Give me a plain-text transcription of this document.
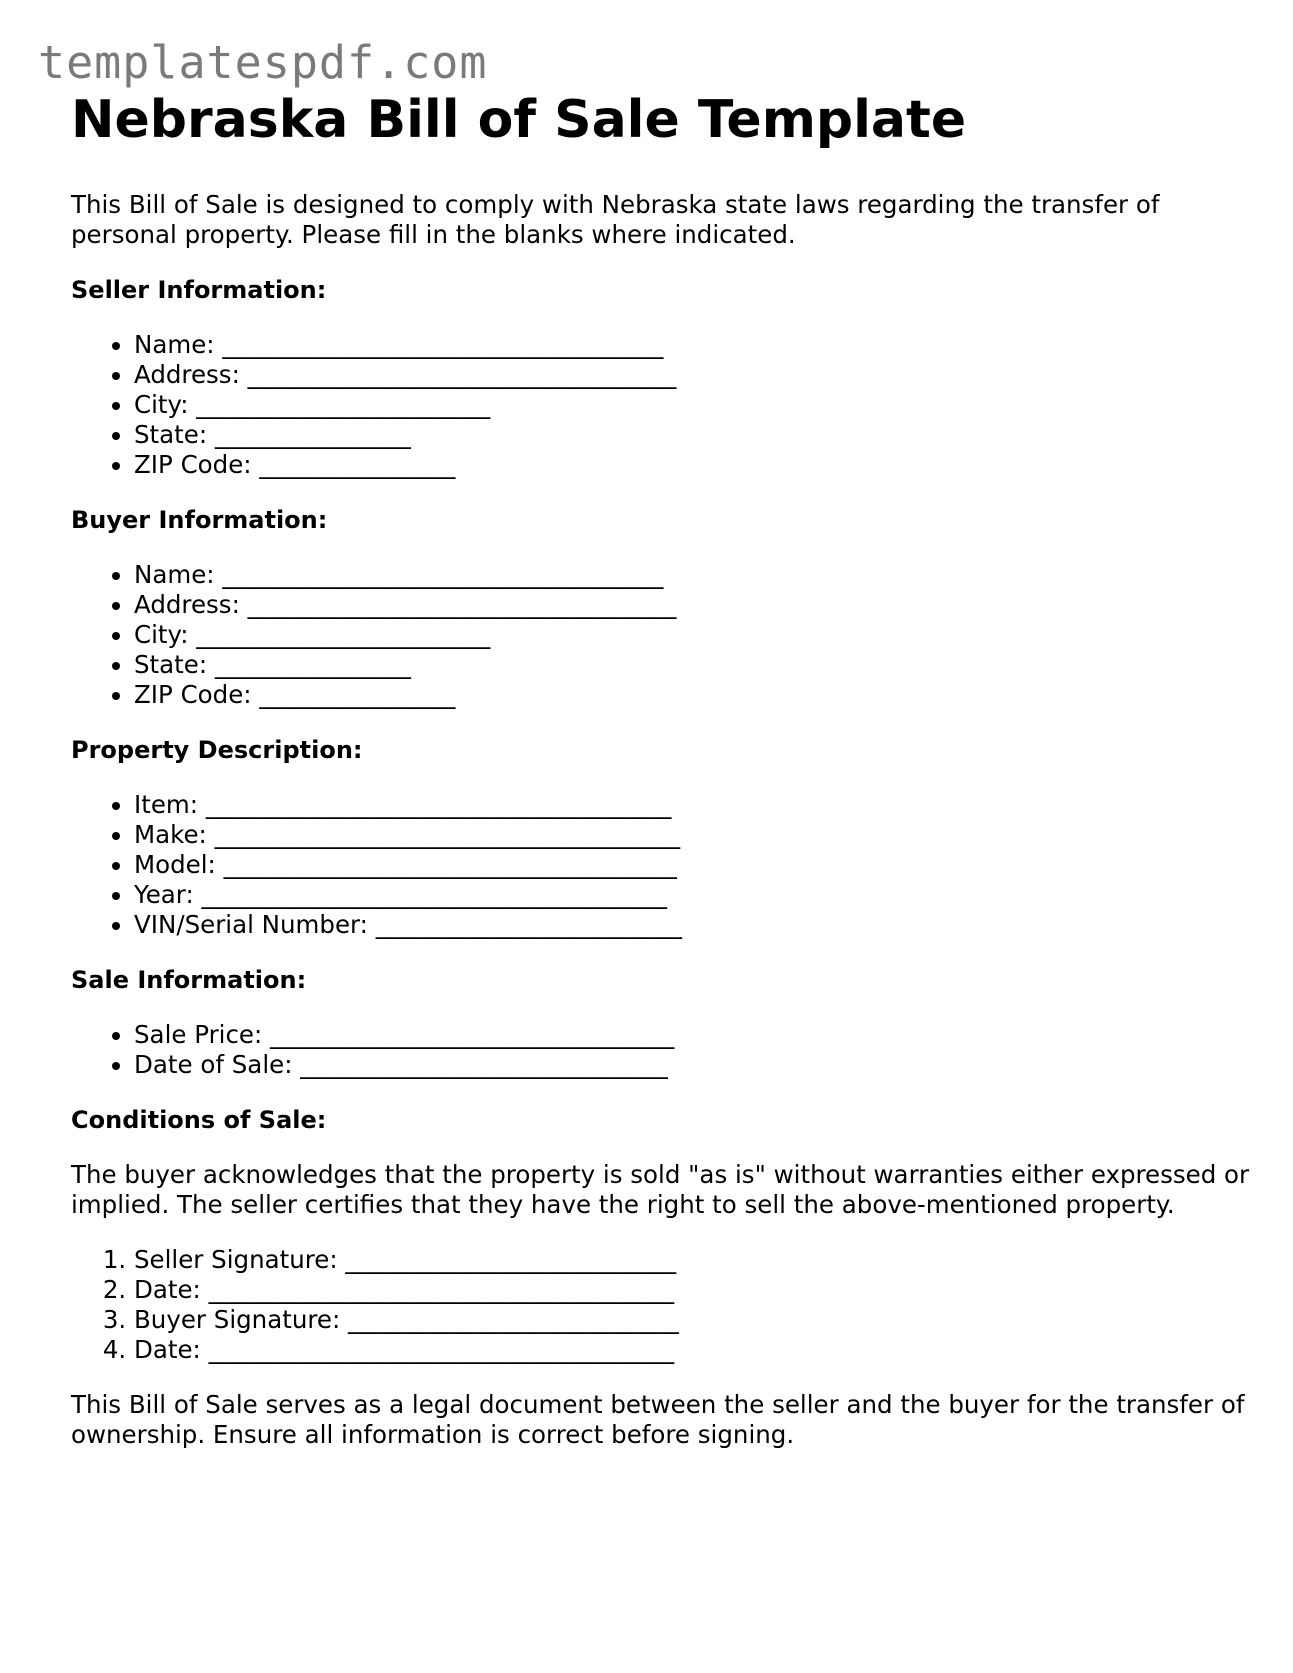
templatespdf.com
Nebraska Bill of Sale Template

This Bill of Sale is designed to comply with Nebraska state laws regarding the transfer of personal property. Please fill in the blanks where indicated.

Seller Information:
• Name: ____________________________________
• Address: ___________________________________
• City: ________________________
• State: ________________
• ZIP Code: ________________
Buyer Information:
• Name: ____________________________________
• Address: ___________________________________
• City: ________________________
• State: ________________
• ZIP Code: ________________
Property Description:
• Item: ______________________________________
• Make: ______________________________________
• Model: _____________________________________
• Year: ______________________________________
• VIN/Serial Number: _________________________
Sale Information:
• Sale Price: _________________________________
• Date of Sale: ______________________________
Conditions of Sale:

The buyer acknowledges that the property is sold "as is" without warranties either expressed or implied. The seller certifies that they have the right to sell the above-mentioned property.

1. Seller Signature: ___________________________
2. Date: ______________________________________
3. Buyer Signature: ___________________________
4. Date: ______________________________________

This Bill of Sale serves as a legal document between the seller and the buyer for the transfer of ownership. Ensure all information is correct before signing.
